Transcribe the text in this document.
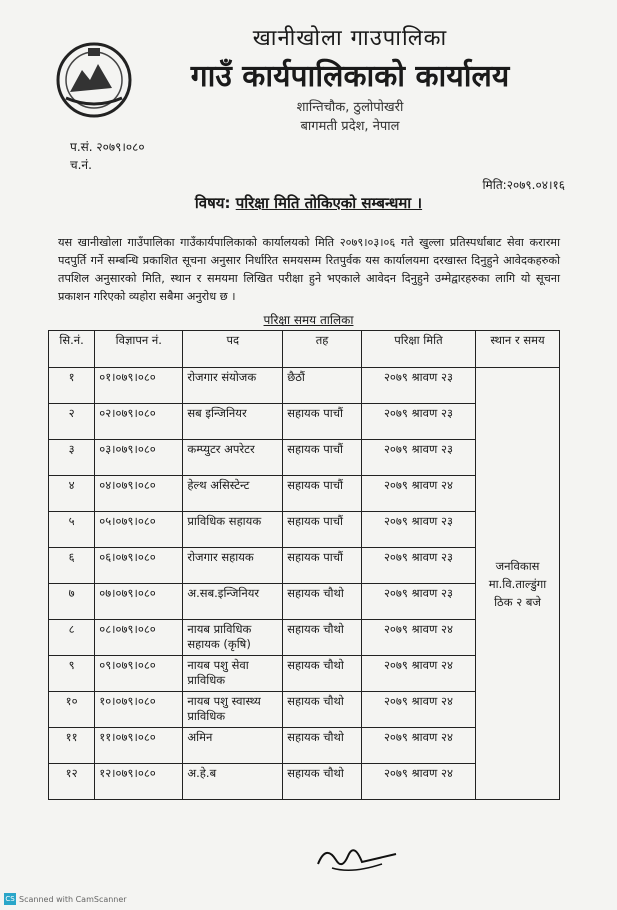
खानीखोला गाउपालिका
गाउँ कार्यपालिकाको कार्यालय
शान्तिचौक, ठुलोपोखरी
बागमती प्रदेश, नेपाल
प.सं. २०७९।०८०
च.नं.
मिति:२०७९.०४।१६
विषय: परिक्षा मिति तोकिएको सम्बन्धमा ।
यस खानीखोला गाउँपालिका गाउँकार्यपालिकाको कार्यालयको मिति २०७९।०३।०६ गते खुल्ला प्रतिस्पर्धाबाट सेवा करारमा पदपुर्ति गर्ने सम्बन्धि प्रकाशित सूचना अनुसार निर्धारित समयसम्म रितपुर्वक यस कार्यालयमा दरखास्त दिनुहुने आवेदकहरुको तपशिल अनुसारको मिति, स्थान र समयमा लिखित परीक्षा हुने भएकाले आवेदन दिनुहुने उम्मेद्वारहरुका लागि यो सूचना प्रकाशन गरिएको व्यहोरा सबैमा अनुरोध छ ।
परिक्षा समय तालिका
सि.नं.	विज्ञापन नं.	पद	तह	परिक्षा मिति	स्थान र समय
१	०१।०७९।०८०	रोजगार संयोजक	छैठौं	२०७९ श्रावण २३	जनविकास मा.वि.ताल्डुंगा ठिक २ बजे
२	०२।०७९।०८०	सब इन्जिनियर	सहायक पाचौं	२०७९ श्रावण २३	
३	०३।०७९।०८०	कम्प्युटर अपरेटर	सहायक पाचौं	२०७९ श्रावण २३	
४	०४।०७९।०८०	हेल्थ असिस्टेन्ट	सहायक पाचौं	२०७९ श्रावण २४	
५	०५।०७९।०८०	प्राविधिक सहायक	सहायक पाचौं	२०७९ श्रावण २३	
६	०६।०७९।०८०	रोजगार सहायक	सहायक पाचौं	२०७९ श्रावण २३	
७	०७।०७९।०८०	अ.सब.इन्जिनियर	सहायक चौथो	२०७९ श्रावण २३	
८	०८।०७९।०८०	नायब प्राविधिक सहायक (कृषि)	सहायक चौथो	२०७९ श्रावण २४	
९	०९।०७९।०८०	नायब पशु सेवा प्राविधिक	सहायक चौथो	२०७९ श्रावण २४	
१०	१०।०७९।०८०	नायब पशु स्वास्थ्य प्राविधिक	सहायक चौथो	२०७९ श्रावण २४	
११	११।०७९।०८०	अमिन	सहायक चौथो	२०७९ श्रावण २४	
१२	१२।०७९।०८०	अ.हे.ब	सहायक चौथो	२०७९ श्रावण २४	
CS Scanned with CamScanner
